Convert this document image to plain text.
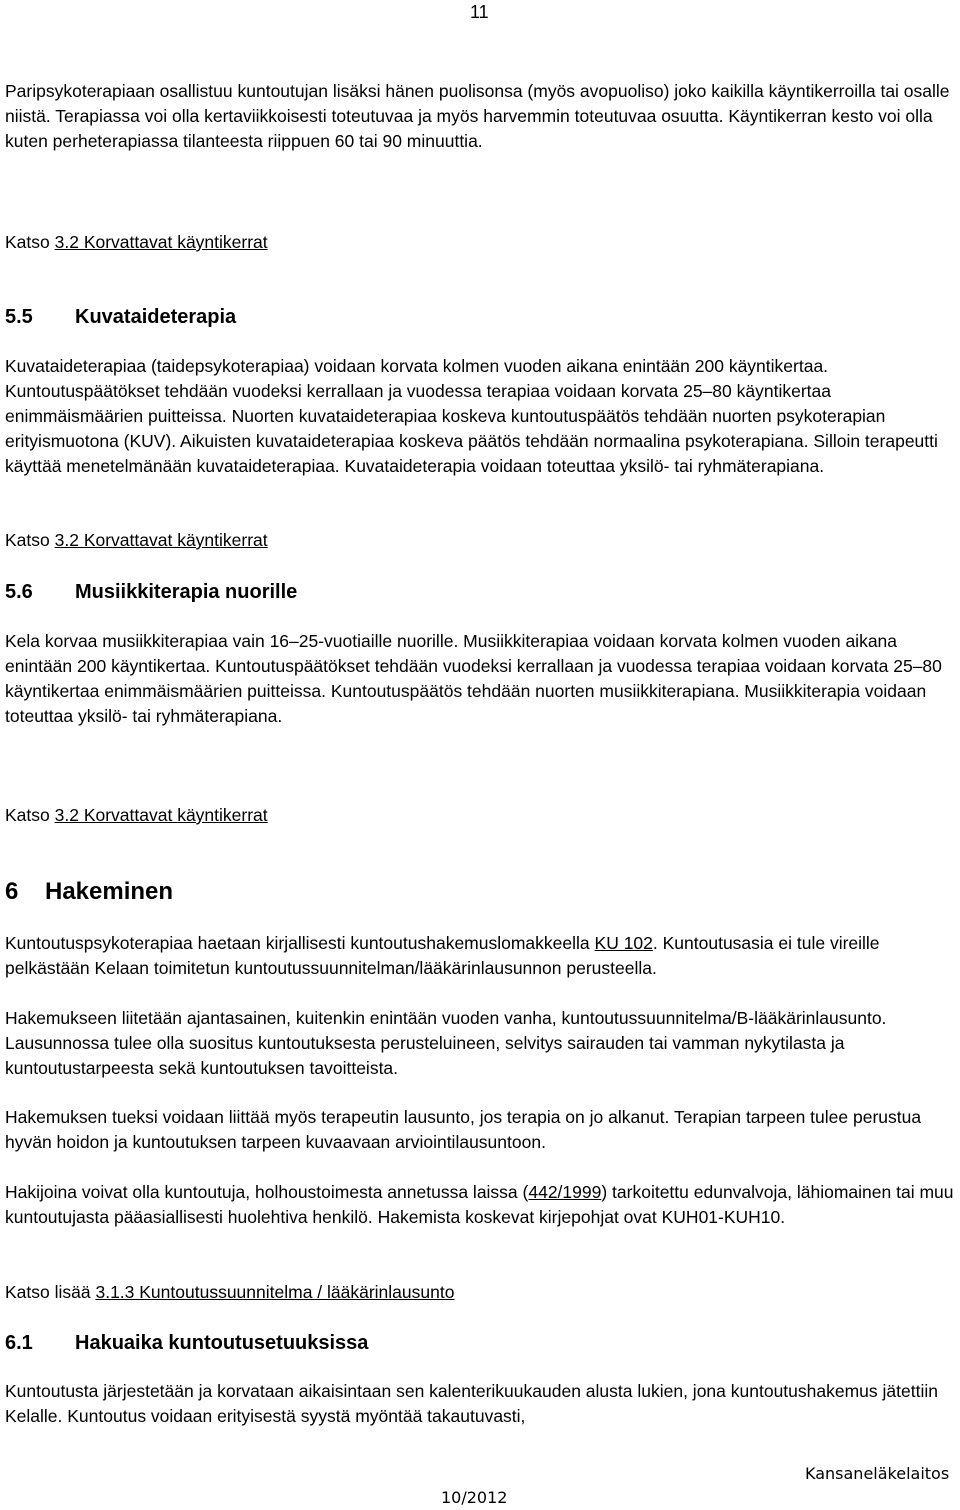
11

Paripsykoterapiaan osallistuu kuntoutujan lisäksi hänen puolisonsa (myös avopuoliso) joko kaikilla käyntikerroilla tai osalle niistä. Terapiassa voi olla kertaviikkoisesti toteutuvaa ja myös harvemmin toteutuvaa osuutta. Käyntikerran kesto voi olla kuten perheterapiassa tilanteesta riippuen 60 tai 90 minuuttia.

Katso 3.2 Korvattavat käyntikerrat

5.5 Kuvataideterapia

Kuvataideterapiaa (taidepsykoterapiaa) voidaan korvata kolmen vuoden aikana enintään 200 käyntikertaa. Kuntoutuspäätökset tehdään vuodeksi kerrallaan ja vuodessa terapiaa voidaan korvata 25‒80 käyntikertaa enimmäismäärien puitteissa. Nuorten kuvataideterapiaa koskeva kuntoutuspäätös tehdään nuorten psykoterapian erityismuotona (KUV). Aikuisten kuvataideterapiaa koskeva päätös tehdään normaalina psykoterapiana. Silloin terapeutti käyttää menetelmänään kuvataideterapiaa. Kuvataideterapia voidaan toteuttaa yksilö- tai ryhmäterapiana.

Katso 3.2 Korvattavat käyntikerrat

5.6 Musiikkiterapia nuorille

Kela korvaa musiikkiterapiaa vain 16‒25-vuotiaille nuorille. Musiikkiterapiaa voidaan korvata kolmen vuoden aikana enintään 200 käyntikertaa. Kuntoutuspäätökset tehdään vuodeksi kerrallaan ja vuodessa terapiaa voidaan korvata 25‒80 käyntikertaa enimmäismäärien puitteissa. Kuntoutuspäätös tehdään nuorten musiikkiterapiana. Musiikkiterapia voidaan toteuttaa yksilö- tai ryhmäterapiana.

Katso 3.2 Korvattavat käyntikerrat

6 Hakeminen

Kuntoutuspsykoterapiaa haetaan kirjallisesti kuntoutushakemuslomakkeella KU 102. Kuntoutusasia ei tule vireille pelkästään Kelaan toimitetun kuntoutussuunnitelman/lääkärinlausunnon perusteella.

Hakemukseen liitetään ajantasainen, kuitenkin enintään vuoden vanha, kuntoutussuunnitelma/B-lääkärinlausunto. Lausunnossa tulee olla suositus kuntoutuksesta perusteluineen, selvitys sairauden tai vamman nykytilasta ja kuntoutustarpeesta sekä kuntoutuksen tavoitteista.

Hakemuksen tueksi voidaan liittää myös terapeutin lausunto, jos terapia on jo alkanut. Terapian tarpeen tulee perustua hyvän hoidon ja kuntoutuksen tarpeen kuvaavaan arviointilausuntoon.

Hakijoina voivat olla kuntoutuja, holhoustoimesta annetussa laissa (442/1999) tarkoitettu edunvalvoja, lähiomainen tai muu kuntoutujasta pääasiallisesti huolehtiva henkilö. Hakemista koskevat kirjepohjat ovat KUH01-KUH10.

Katso lisää 3.1.3 Kuntoutussuunnitelma / lääkärinlausunto

6.1 Hakuaika kuntoutusetuuksissa

Kuntoutusta järjestetään ja korvataan aikaisintaan sen kalenterikuukauden alusta lukien, jona kuntoutushakemus jätettiin Kelalle. Kuntoutus voidaan erityisestä syystä myöntää takautuvasti,

Kansaneläkelaitos
10/2012
